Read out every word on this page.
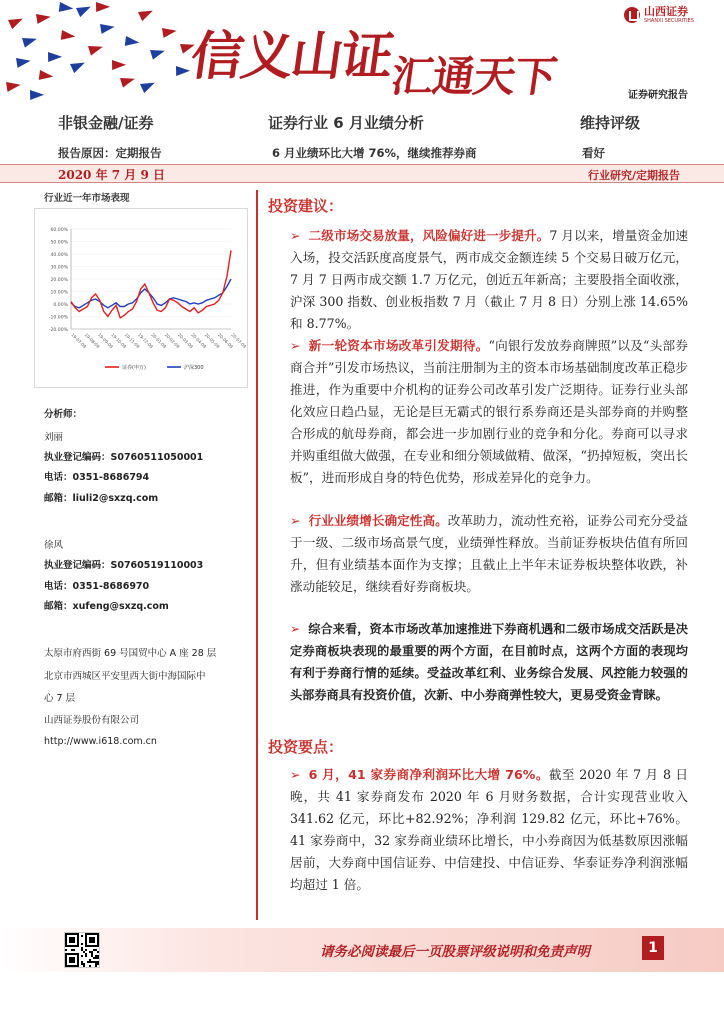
信义山证
汇通天下
山西证券
SHANXI SECURITIES
证券研究报告
非银金融/证券	证券行业 6 月业绩分析	维持评级
报告原因：定期报告	6 月业绩环比大增 76%，继续推荐券商	看好
2020 年 7 月 9 日	行业研究/定期报告
行业近一年市场表现
60.00%
50.00%
40.00%
30.00%
20.00%
10.00%
0.00%
-10.00%
-20.00%
19-07-09
19-08-09
19-09-09
19-10-09
19-11-09
19-12-09
20-01-09
20-02-09
20-03-09
20-04-09
20-05-09
20-06-09
20-07-09
证券(申万)	沪深300
分析师：
刘丽
执业登记编码：S0760511050001
电话：0351-8686794
邮箱：liuli2@sxzq.com
徐风
执业登记编码：S0760519110003
电话：0351-8686970
邮箱：xufeng@sxzq.com
太原市府西街 69 号国贸中心 A 座 28 层
北京市西城区平安里西大街中海国际中
心 7 层
山西证券股份有限公司
http://www.i618.com.cn
投资建议：
➢ 二级市场交易放量，风险偏好进一步提升。7 月以来，增量资金加速入场，投交活跃度高度景气，两市成交金额连续 5 个交易日破万亿元，7 月 7 日两市成交额 1.7 万亿元，创近五年新高；主要股指全面收涨，沪深 300 指数、创业板指数 7 月（截止 7 月 8 日）分别上涨 14.65%和 8.77%。
➢ 新一轮资本市场改革引发期待。“向银行发放券商牌照”以及“头部券商合并”引发市场热议，当前注册制为主的资本市场基础制度改革正稳步推进，作为重要中介机构的证券公司改革引发广泛期待。证券行业头部化效应日趋凸显，无论是巨无霸式的银行系券商还是头部券商的并购整合形成的航母券商，都会进一步加剧行业的竞争和分化。券商可以寻求并购重组做大做强，在专业和细分领域做精、做深，“扔掉短板，突出长板”，进而形成自身的特色优势，形成差异化的竞争力。
➢ 行业业绩增长确定性高。改革助力，流动性充裕，证券公司充分受益于一级、二级市场高景气度，业绩弹性释放。当前证券板块估值有所回升，但有业绩基本面作为支撑；且截止上半年末证券板块整体收跌，补涨动能较足，继续看好券商板块。
➢ 综合来看，资本市场改革加速推进下券商机遇和二级市场成交活跃是决定券商板块表现的最重要的两个方面，在目前时点，这两个方面的表现均有利于券商行情的延续。受益改革红利、业务综合发展、风控能力较强的头部券商具有投资价值，次新、中小券商弹性较大，更易受资金青睐。
投资要点：
➢ 6 月，41 家券商净利润环比大增 76%。截至 2020 年 7 月 8 日晚，共 41 家券商发布 2020 年 6 月财务数据，合计实现营业收入 341.62 亿元，环比+82.92%；净利润 129.82 亿元，环比+76%。41 家券商中，32 家券商业绩环比增长，中小券商因为低基数原因涨幅居前，大券商中国信证券、中信建投、中信证券、华泰证券净利润涨幅均超过 1 倍。
请务必阅读最后一页股票评级说明和免责声明	1
